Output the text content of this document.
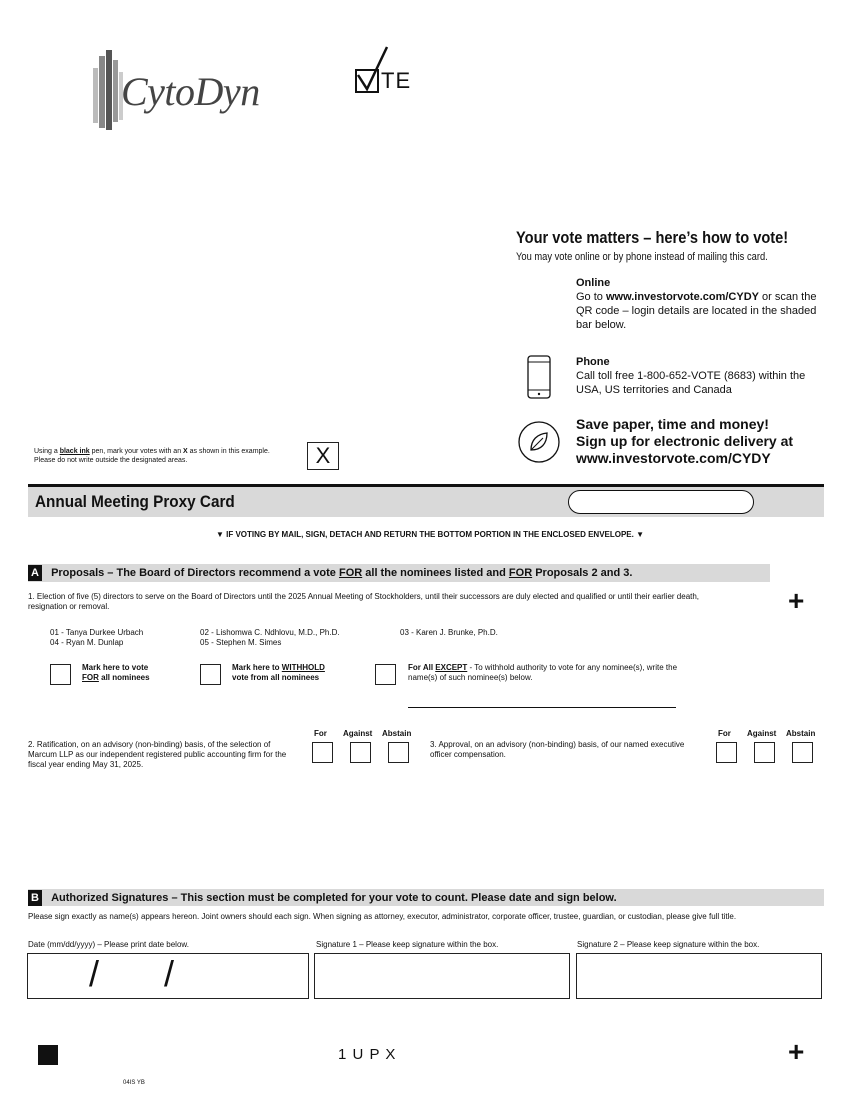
CytoDyn	TE
Your vote matters – here’s how to vote!
You may vote online or by phone instead of mailing this card.
Online
Go to www.investorvote.com/CYDY or scan the QR code – login details are located in the shaded bar below.
Phone
Call toll free 1-800-652-VOTE (8683) within the USA, US territories and Canada
Save paper, time and money!
Sign up for electronic delivery at
www.investorvote.com/CYDY
Using a black ink pen, mark your votes with an X as shown in this example.
Please do not write outside the designated areas.	X
Annual Meeting Proxy Card
▼ IF VOTING BY MAIL, SIGN, DETACH AND RETURN THE BOTTOM PORTION IN THE ENCLOSED ENVELOPE. ▼
A Proposals – The Board of Directors recommend a vote FOR all the nominees listed and FOR Proposals 2 and 3.
1. Election of five (5) directors to serve on the Board of Directors until the 2025 Annual Meeting of Stockholders, until their successors are duly elected and qualified or until their earlier death, resignation or removal.	+
01 - Tanya Durkee Urbach	02 - Lishomwa C. Ndhlovu, M.D., Ph.D.	03 - Karen J. Brunke, Ph.D.
04 - Ryan M. Dunlap	05 - Stephen M. Simes
Mark here to vote
FOR all nominees
Mark here to WITHHOLD
vote from all nominees
For All EXCEPT - To withhold authority to vote for any nominee(s), write the name(s) of such nominee(s) below.
For Against Abstain
2. Ratification, on an advisory (non-binding) basis, of the selection of Marcum LLP as our independent registered public accounting firm for the fiscal year ending May 31, 2025.
3. Approval, on an advisory (non-binding) basis, of our named executive officer compensation.
For Against Abstain
B Authorized Signatures – This section must be completed for your vote to count. Please date and sign below.
Please sign exactly as name(s) appears hereon. Joint owners should each sign. When signing as attorney, executor, administrator, corporate officer, trustee, guardian, or custodian, please give full title.
Date (mm/dd/yyyy) – Please print date below.	Signature 1 – Please keep signature within the box.	Signature 2 – Please keep signature within the box.
/ /
1 U P X	+
04IS YB
